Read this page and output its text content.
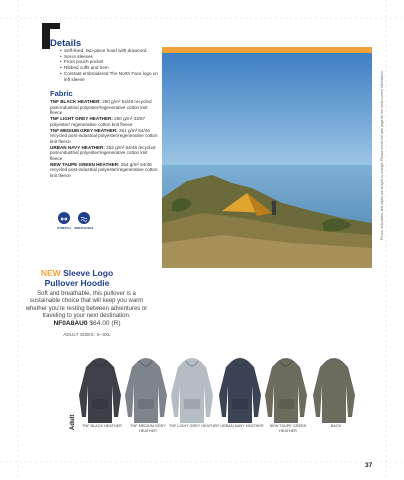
Details
• Self-lined, two-piece hood with drawcord
• Set-in sleeves
• Front pouch pocket
• Ribbed cuffs and hem
• Contrast embroidered The North Face logo on left sleeve
Fabric
TNF BLACK HEATHER: 250 g/m² 54/46 recycled post-industrial polyester/regenerative cotton knit fleece
TNF LIGHT GREY HEATHER: 250 g/m² 33/67 polyester/ regenerative cotton knit fleece
TNF MEDIUM GREY HEATHER: 251 g/m² 54/46 recycled post-industrial polyester/regenerative cotton knit fleece
URBAN NAVY HEATHER: 252 g/m² 54/46 recycled post-industrial polyester/regenerative cotton knit fleece
NEW TAUPE GREEN HEATHER: 254 g/m² 54/46 recycled post-industrial polyester/regenerative cotton knit fleece
STRETCH	BREATHABLE
NEW Sleeve Logo
Pullover Hoodie
Soft and breathable, this pullover is a sustainable choice that will keep you warm whether you're resting between adventures or traveling to your next destination.
NF0A8AU0 $64.00 (R)
ADULT SIZES: S–3XL
Prices, ship dates, and styles are subject to change. Please check the web page for the most current information.
Adult	TNF BLACK HEATHER	TNF MEDIUM GREY HEATHER
TNF LIGHT GREY HEATHER URBAN NAVY HEATHER	NEW TAUPE GREEN HEATHER
BACK
37
